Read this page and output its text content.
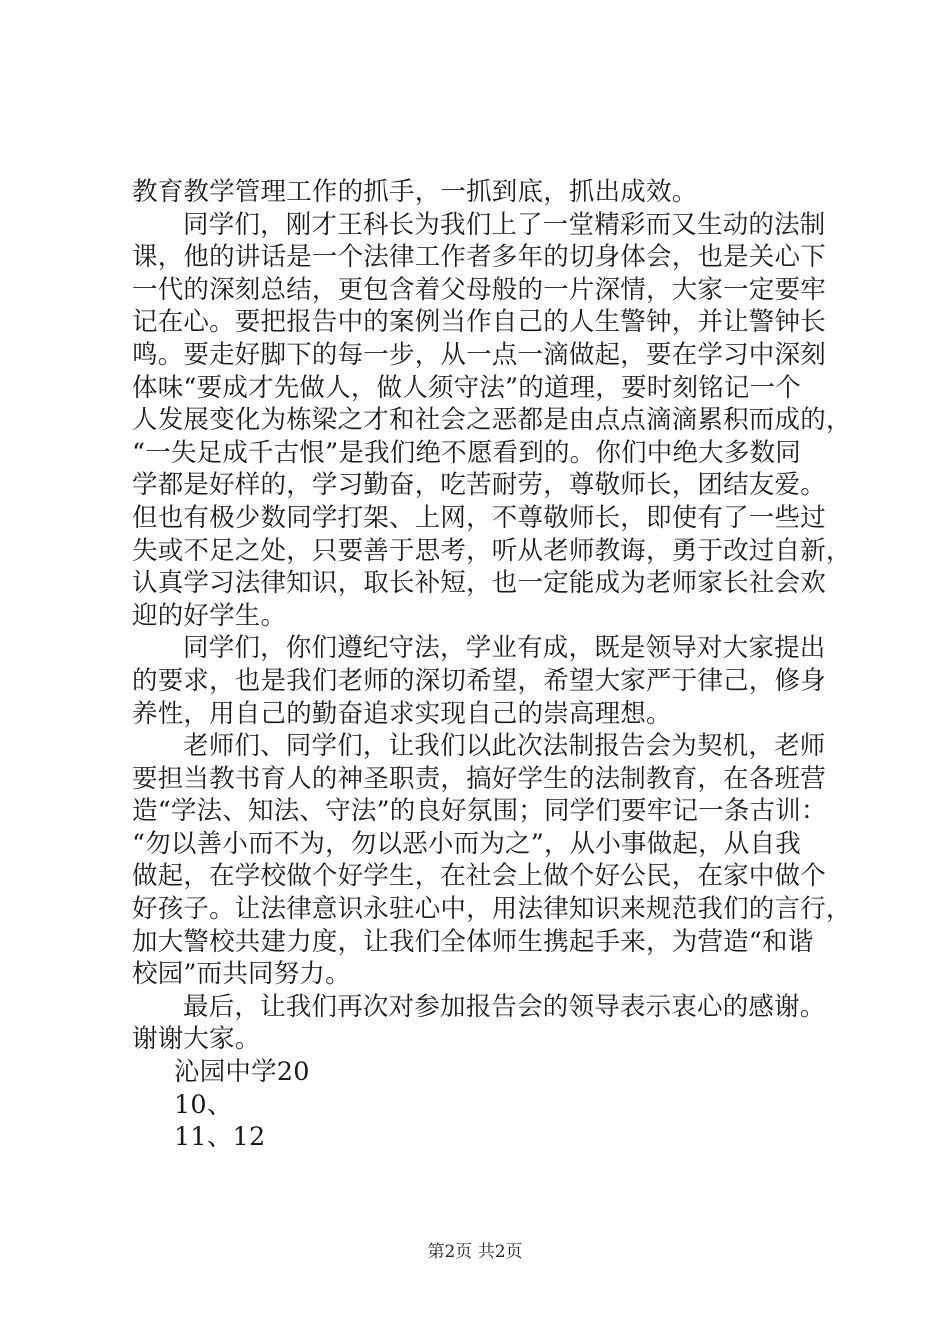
教育教学管理工作的抓手，一抓到底，抓出成效。
同学们，刚才王科长为我们上了一堂精彩而又生动的法制
课，他的讲话是一个法律工作者多年的切身体会，也是关心下
一代的深刻总结，更包含着父母般的一片深情，大家一定要牢
记在心。要把报告中的案例当作自己的人生警钟，并让警钟长
鸣。要走好脚下的每一步，从一点一滴做起，要在学习中深刻
体味“要成才先做人，做人须守法”的道理，要时刻铭记一个
人发展变化为栋梁之才和社会之恶都是由点点滴滴累积而成的，
“一失足成千古恨”是我们绝不愿看到的。你们中绝大多数同
学都是好样的，学习勤奋，吃苦耐劳，尊敬师长，团结友爱。
但也有极少数同学打架、上网，不尊敬师长，即使有了一些过
失或不足之处，只要善于思考，听从老师教诲，勇于改过自新，
认真学习法律知识，取长补短，也一定能成为老师家长社会欢
迎的好学生。
同学们，你们遵纪守法，学业有成，既是领导对大家提出
的要求，也是我们老师的深切希望，希望大家严于律己，修身
养性，用自己的勤奋追求实现自己的崇高理想。
老师们、同学们，让我们以此次法制报告会为契机，老师
要担当教书育人的神圣职责，搞好学生的法制教育，在各班营
造“学法、知法、守法”的良好氛围；同学们要牢记一条古训：
“勿以善小而不为，勿以恶小而为之”，从小事做起，从自我
做起，在学校做个好学生，在社会上做个好公民，在家中做个
好孩子。让法律意识永驻心中，用法律知识来规范我们的言行，
加大警校共建力度，让我们全体师生携起手来，为营造“和谐
校园”而共同努力。
最后，让我们再次对参加报告会的领导表示衷心的感谢。
谢谢大家。
沁园中学20
10、
11、12
第2页 共2页
